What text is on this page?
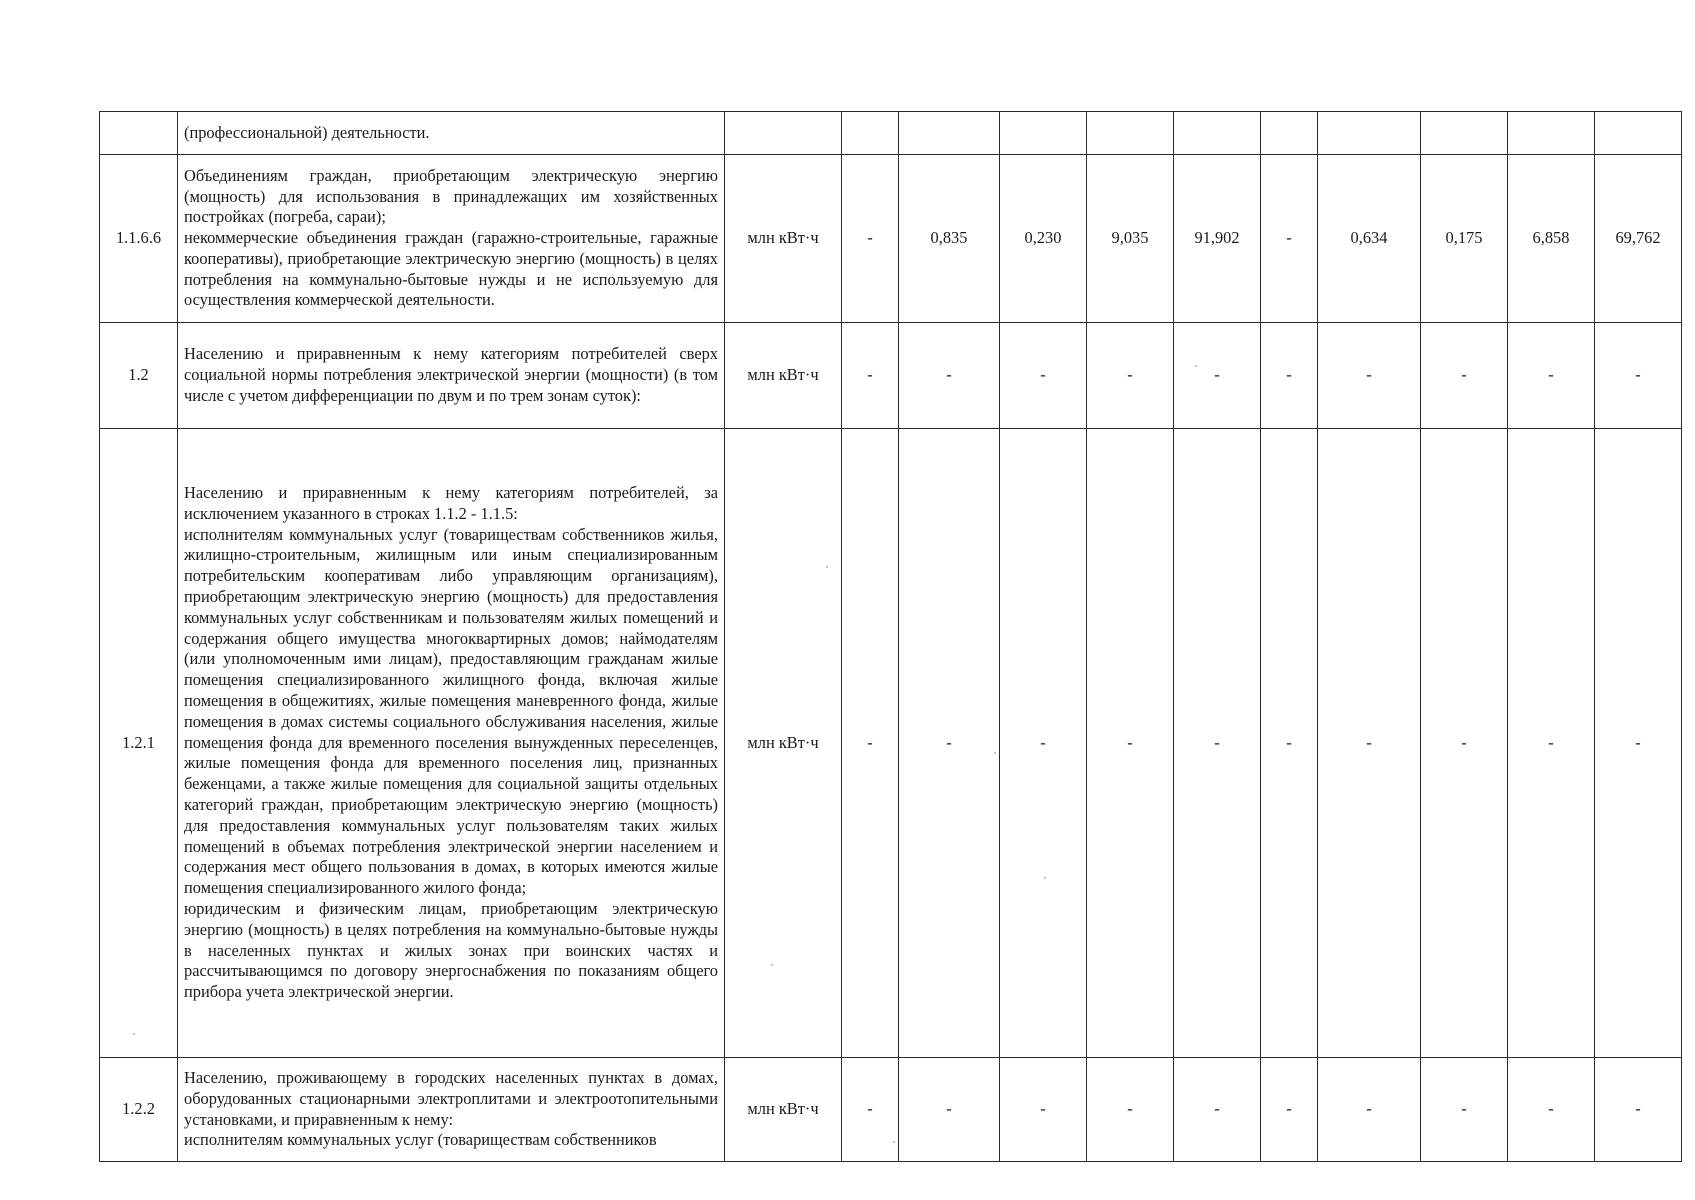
	(профессиональной) деятельности.											

1.1.6.6	Объединениям граждан, приобретающим электрическую энергию (мощность) для использования в принадлежащих им хозяйственных постройках (погреба, сараи);
некоммерческие объединения граждан (гаражно-строительные, гаражные кооперативы), приобретающие электрическую энергию (мощность) в целях потребления на коммунально-бытовые нужды и не используемую для осуществления коммерческой деятельности.	млн кВт·ч	-	0,835	0,230	9,035	91,902	-	0,634	0,175	6,858	69,762
1.2	Населению и приравненным к нему категориям потребителей сверх социальной нормы потребления электрической энергии (мощности) (в том числе с учетом дифференциации по двум и по трем зонам суток):	млн кВт·ч	-	-	-	-	-	-	-	-	-	-
1.2.1	Населению и приравненным к нему категориям потребителей, за исключением указанного в строках 1.1.2 - 1.1.5:
исполнителям коммунальных услуг (товариществам собственников жилья, жилищно-строительным, жилищным или иным специализированным потребительским кооперативам либо управляющим организациям), приобретающим электрическую энергию (мощность) для предоставления коммунальных услуг собственникам и пользователям жилых помещений и содержания общего имущества многоквартирных домов; наймодателям (или уполномоченным ими лицам), предоставляющим гражданам жилые помещения специализированного жилищного фонда, включая жилые помещения в общежитиях, жилые помещения маневренного фонда, жилые помещения в домах системы социального обслуживания населения, жилые помещения фонда для временного поселения вынужденных переселенцев, жилые помещения фонда для временного поселения лиц, признанных беженцами, а также жилые помещения для социальной защиты отдельных категорий граждан, приобретающим электрическую энергию (мощность) для предоставления коммунальных услуг пользователям таких жилых помещений в объемах потребления электрической энергии населением и содержания мест общего пользования в домах, в которых имеются жилые помещения специализированного жилого фонда;
юридическим и физическим лицам, приобретающим электрическую энергию (мощность) в целях потребления на коммунально-бытовые нужды в населенных пунктах и жилых зонах при воинских частях и рассчитывающимся по договору энергоснабжения по показаниям общего прибора учета электрической энергии.	млн кВт·ч	-	-	-	-	-	-	-	-	-	-
1.2.2	Населению, проживающему в городских населенных пунктах в домах, оборудованных стационарными электроплитами и электроотопительными установками, и приравненным к нему:
исполнителям коммунальных услуг (товариществам собственников	млн кВт·ч	-	-	-	-	-	-	-	-	-	-
